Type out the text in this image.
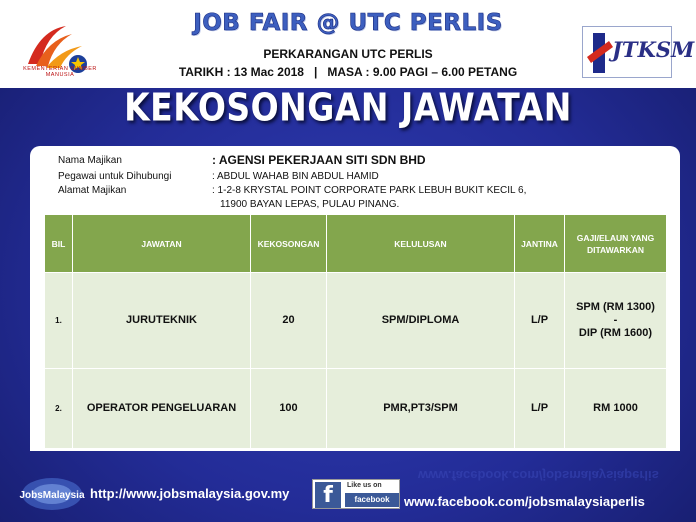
KEMENTERIAN SUMBER MANUSIA
JOB FAIR @ UTC PERLIS
PERKARANGAN UTC PERLIS
TARIKH : 13 Mac 2018 | MASA : 9.00 PAGI – 6.00 PETANG
JTKSM
KEKOSONGAN JAWATAN
Nama Majikan	: AGENSI PEKERJAAN SITI SDN BHD
Pegawai untuk Dihubungi	: ABDUL WAHAB BIN ABDUL HAMID
Alamat Majikan	: 1-2-8 KRYSTAL POINT CORPORATE PARK LEBUH BUKIT KECIL 6,
11900 BAYAN LEPAS, PULAU PINANG.
BIL	JAWATAN	KEKOSONGAN	KELULUSAN	JANTINA	GAJI/ELAUN YANG DITAWARKAN
1.	JURUTEKNIK	20	SPM/DIPLOMA	L/P	SPM (RM 1300)
-
DIP (RM 1600)

2.	OPERATOR PENGELUARAN	100	PMR,PT3/SPM	L/P	RM 1000
JobsMalaysia http://www.jobsmalaysia.gov.my	f	Like us on
facebook
www.facebook.com/jobsmalaysiaperlis
www.facebook.com/jobsmalaysiaperlis
